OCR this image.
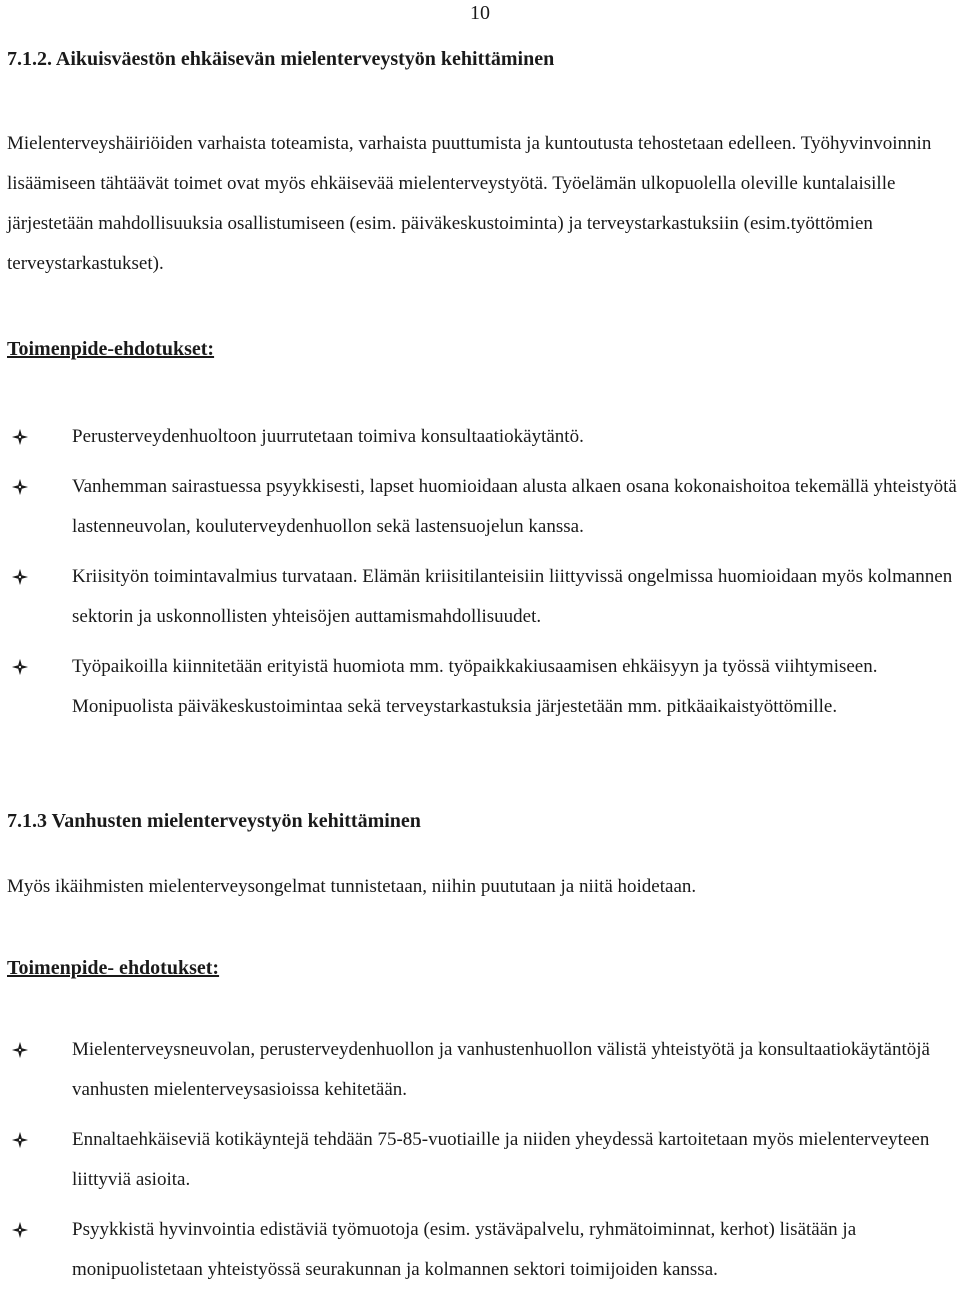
10
7.1.2. Aikuisväestön ehkäisevän mielenterveystyön kehittäminen
Mielenterveyshäiriöiden varhaista toteamista, varhaista puuttumista ja kuntoutusta tehostetaan edelleen. Työhyvinvoinnin lisäämiseen tähtäävät toimet ovat myös ehkäisevää mielenterveystyötä. Työelämän ulkopuolella oleville kuntalaisille järjestetään mahdollisuuksia osallistumiseen (esim. päiväkeskustoiminta) ja terveystarkastuksiin (esim.työttömien terveystarkastukset).
Toimenpide-ehdotukset:
Perusterveydenhuoltoon juurrutetaan toimiva konsultaatiokäytäntö.
Vanhemman sairastuessa psyykkisesti, lapset huomioidaan alusta alkaen osana kokonaishoitoa tekemällä yhteistyötä lastenneuvolan, kouluterveydenhuollon sekä lastensuojelun kanssa.
Kriisityön toimintavalmius turvataan. Elämän kriisitilanteisiin liittyvissä ongelmissa huomioidaan myös kolmannen sektorin ja uskonnollisten yhteisöjen auttamismahdollisuudet.
Työpaikoilla kiinnitetään erityistä huomiota mm. työpaikkakiusaamisen ehkäisyyn ja työssä viihtymiseen. Monipuolista päiväkeskustoimintaa sekä terveystarkastuksia järjestetään mm. pitkäaikaistyöttömille.
7.1.3 Vanhusten mielenterveystyön kehittäminen
Myös ikäihmisten mielenterveysongelmat tunnistetaan, niihin puututaan ja niitä hoidetaan.
Toimenpide- ehdotukset:
Mielenterveysneuvolan, perusterveydenhuollon ja vanhustenhuollon välistä yhteistyötä ja konsultaatiokäytäntöjä vanhusten mielenterveysasioissa kehitetään.
Ennaltaehkäiseviä kotikäyntejä tehdään 75-85-vuotiaille ja niiden yheydessä kartoitetaan myös mielenterveyteen liittyviä asioita.
Psyykkistä hyvinvointia edistäviä työmuotoja (esim. ystäväpalvelu, ryhmätoiminnat, kerhot) lisätään ja monipuolistetaan yhteistyössä seurakunnan ja kolmannen sektori toimijoiden kanssa.
